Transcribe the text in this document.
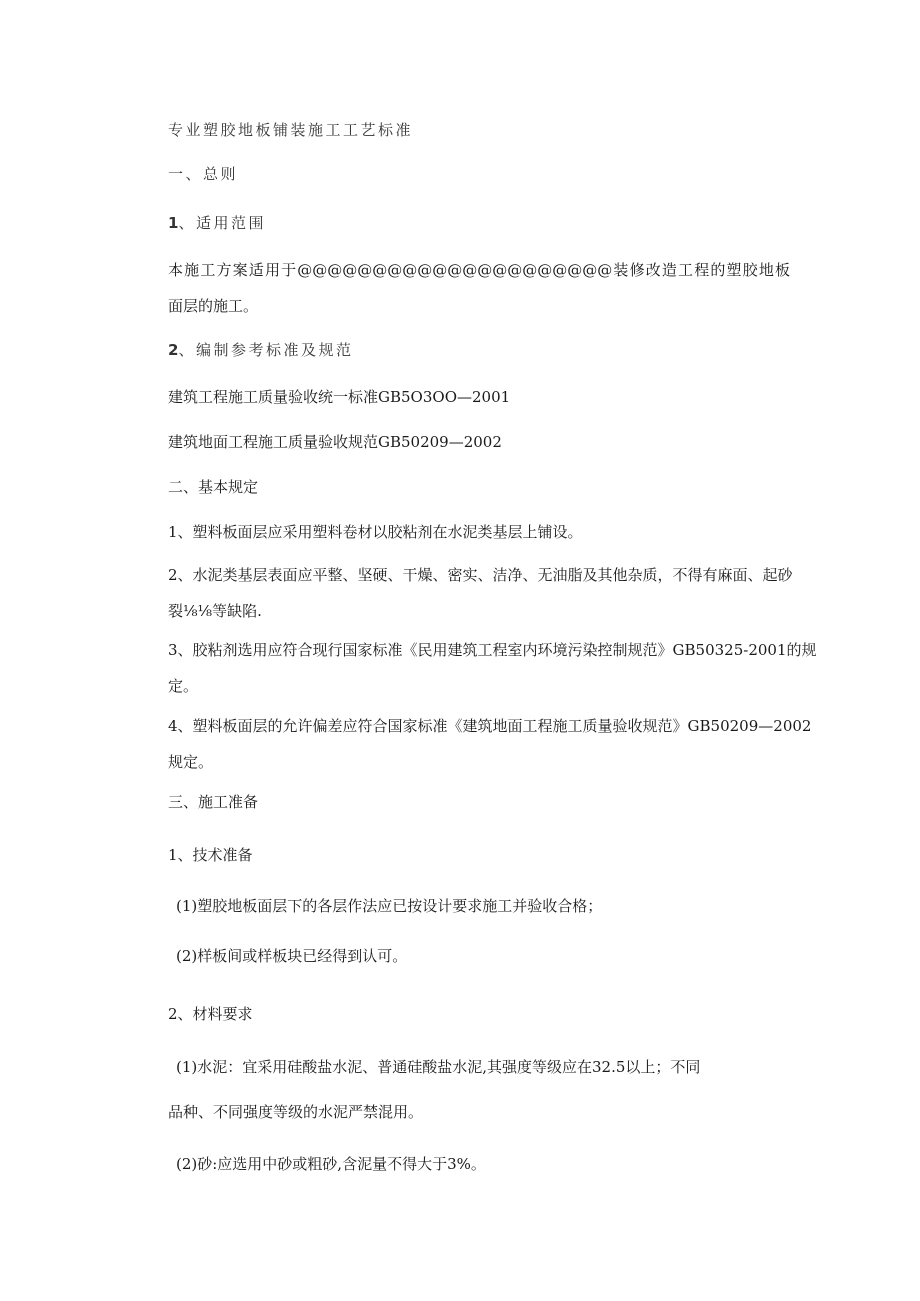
专业塑胶地板铺装施工工艺标准

一、总则

1、适用范围

本施工方案适用于@@@@@@@@@@@@@@@@@@@@@装修改造工程的塑胶地板
面层的施工。

2、编制参考标准及规范

建筑工程施工质量验收统一标准GB5O3OO—2001

建筑地面工程施工质量验收规范GB50209—2002

二、基本规定

1、塑料板面层应采用塑料卷材以胶粘剂在水泥类基层上铺设。

2、水泥类基层表面应平整、坚硬、干燥、密实、洁净、无油脂及其他杂质，不得有麻面、起砂
裂⅛⅛等缺陷.
3、胶粘剂选用应符合现行国家标准《民用建筑工程室内环境污染控制规范》GB50325-2001的规
定。
4、塑料板面层的允许偏差应符合国家标准《建筑地面工程施工质量验收规范》GB50209—2002
规定。

三、施工准备

1、技术准备

(1)塑胶地板面层下的各层作法应已按设计要求施工并验收合格；

(2)样板间或样板块已经得到认可。

2、材料要求

(1)水泥：宜采用硅酸盐水泥、普通硅酸盐水泥,其强度等级应在32.5以上；不同

品种、不同强度等级的水泥严禁混用。

(2)砂:应选用中砂或粗砂,含泥量不得大于3%。
